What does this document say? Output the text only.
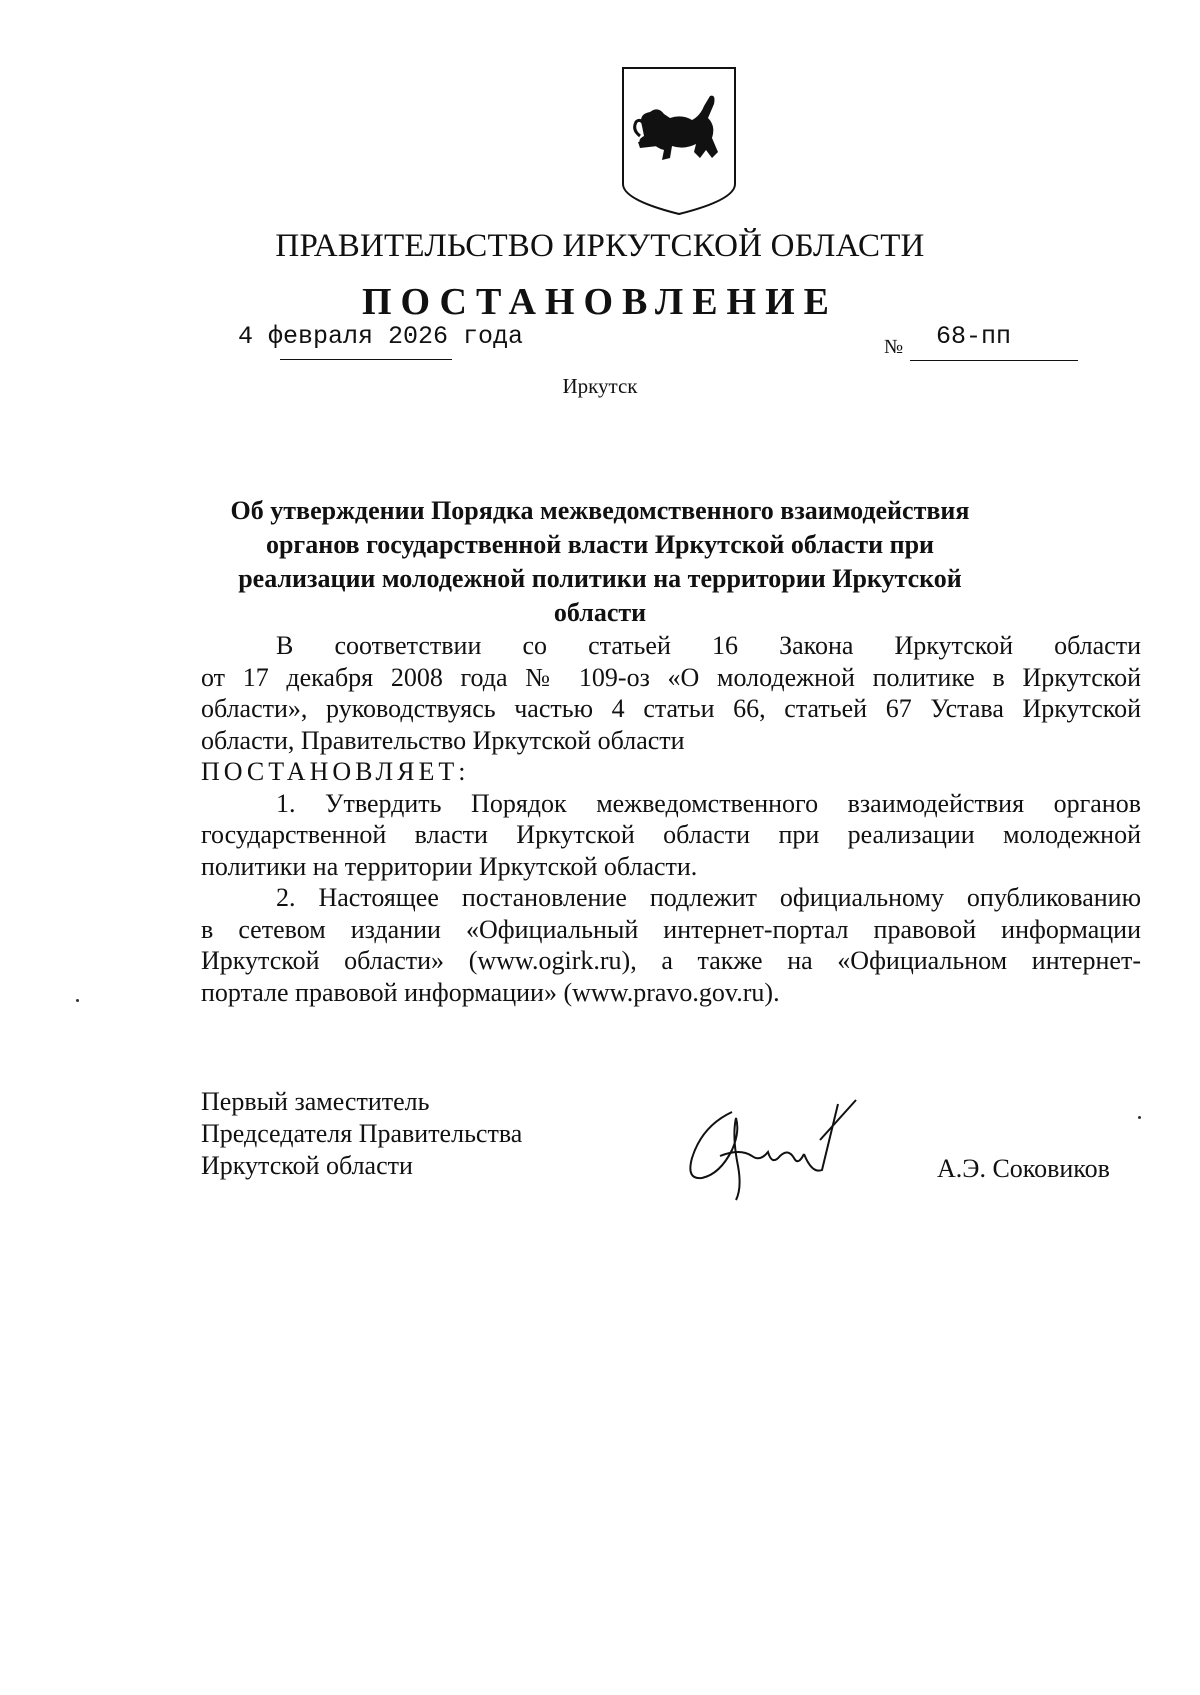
ПРАВИТЕЛЬСТВО ИРКУТСКОЙ ОБЛАСТИ
ПОСТАНОВЛЕНИЕ
4 февраля 2026 года	№ 68-пп
Иркутск
Об утверждении Порядка межведомственного взаимодействия органов государственной власти Иркутской области при реализации молодежной политики на территории Иркутской области

В соответствии со статьей 16 Закона Иркутской области

от 17 декабря 2008 года № 109-оз «О молодежной политике в Иркутской

области», руководствуясь частью 4 статьи 66, статьей 67 Устава Иркутской

области, Правительство Иркутской области

ПОСТАНОВЛЯЕТ:

1. Утвердить Порядок межведомственного взаимодействия органов

государственной власти Иркутской области при реализации молодежной

политики на территории Иркутской области.

2. Настоящее постановление подлежит официальному опубликованию

в сетевом издании «Официальный интернет-портал правовой информации

Иркутской области» (www.ogirk.ru), а также на «Официальном интернет-

портале правовой информации» (www.pravo.gov.ru).

Первый заместитель
Председателя Правительства
Иркутской области	А.Э. Соковиков
